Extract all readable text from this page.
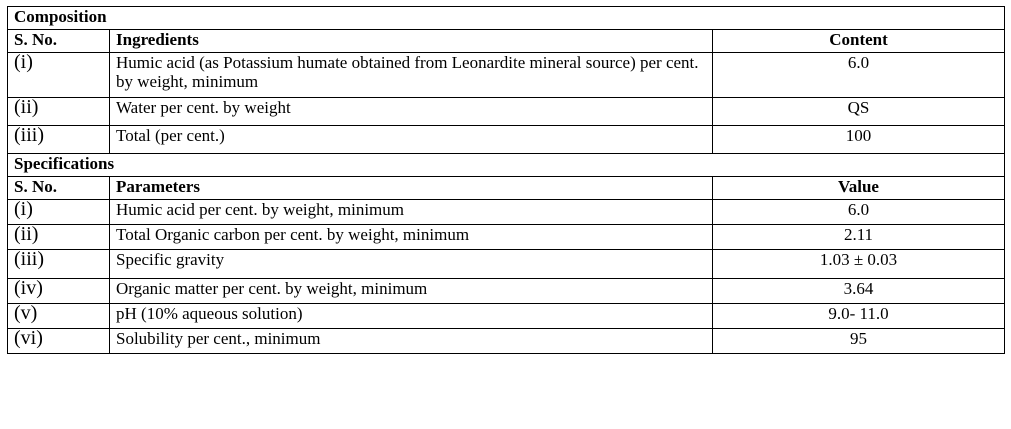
Composition		
S. No.	Ingredients	Content
(i)	Humic acid (as Potassium humate obtained from Leonardite mineral source) per cent. by weight, minimum	6.0
(ii)	Water per cent. by weight	QS
(iii)	Total (per cent.)	100
Specifications		
S. No.	Parameters	Value
(i)	Humic acid per cent. by weight, minimum	6.0
(ii)	Total Organic carbon per cent. by weight, minimum	2.11
(iii)	Specific gravity	1.03 ± 0.03
(iv)	Organic matter per cent. by weight, minimum	3.64
(v)	pH (10% aqueous solution)	9.0- 11.0
(vi)	Solubility per cent., minimum	95
